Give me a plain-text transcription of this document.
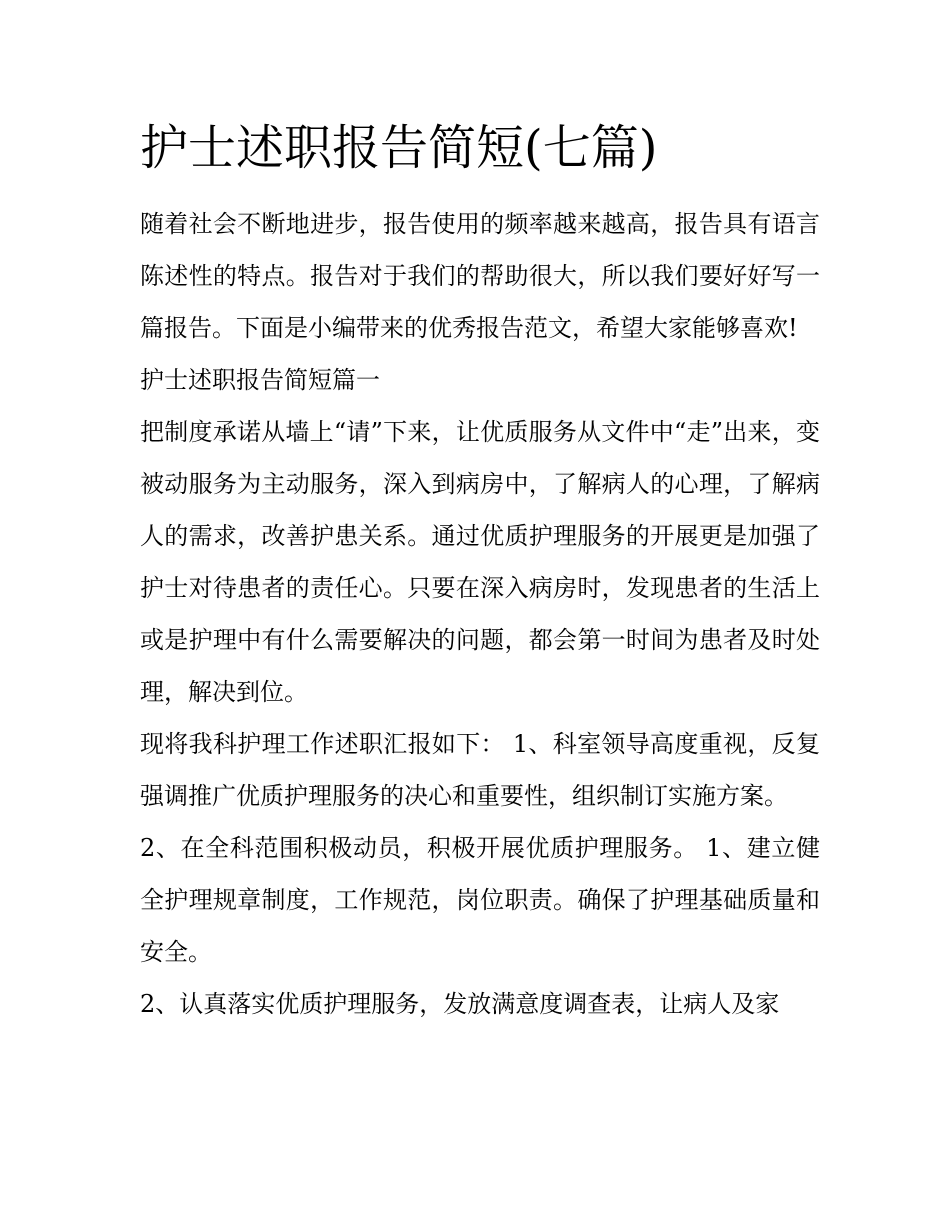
护士述职报告简短(七篇)

随着社会不断地进步，报告使用的频率越来越高，报告具有语言陈述性的特点。报告对于我们的帮助很大，所以我们要好好写一篇报告。下面是小编带来的优秀报告范文，希望大家能够喜欢!

护士述职报告简短篇一

把制度承诺从墙上“请”下来，让优质服务从文件中“走”出来，变被动服务为主动服务，深入到病房中，了解病人的心理，了解病人的需求，改善护患关系。通过优质护理服务的开展更是加强了护士对待患者的责任心。只要在深入病房时，发现患者的生活上或是护理中有什么需要解决的问题，都会第一时间为患者及时处理，解决到位。

现将我科护理工作述职汇报如下： 1、科室领导高度重视，反复强调推广优质护理服务的决心和重要性，组织制订实施方案。

2、在全科范围积极动员，积极开展优质护理服务。 1、建立健全护理规章制度，工作规范，岗位职责。确保了护理基础质量和安全。

2、认真落实优质护理服务，发放满意度调查表，让病人及家
